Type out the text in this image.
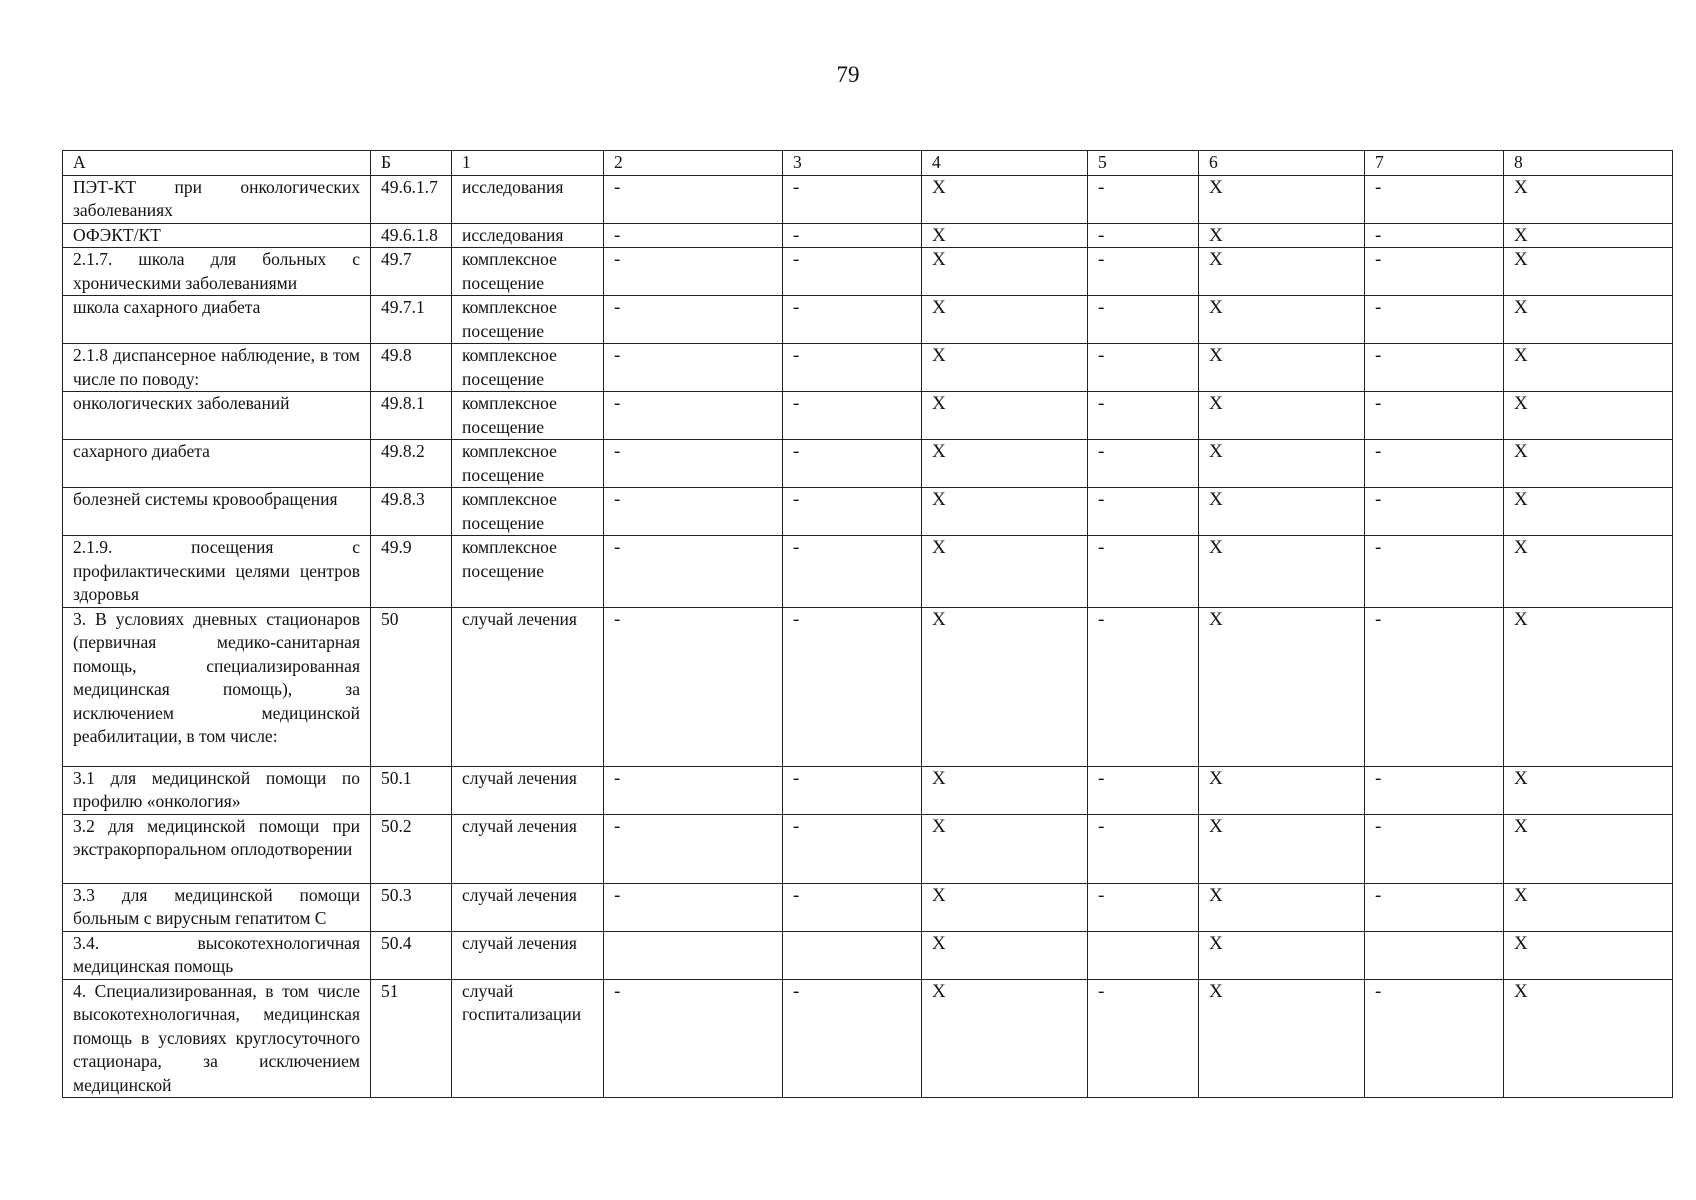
79
А	Б	1	2	3	4	5	6	7	8
ПЭТ-КТ при онкологических заболеваниях	49.6.1.7	исследования	-	-	X	-	X	-	X
ОФЭКТ/КТ	49.6.1.8	исследования	-	-	X	-	X	-	X
2.1.7. школа для больных с хроническими заболеваниями	49.7	комплексное посещение	-	-	X	-	X	-	X
школа сахарного диабета	49.7.1	комплексное посещение	-	-	X	-	X	-	X
2.1.8 диспансерное наблюдение, в том числе по поводу:	49.8	комплексное посещение	-	-	X	-	X	-	X
онкологических заболеваний	49.8.1	комплексное посещение	-	-	X	-	X	-	X
сахарного диабета	49.8.2	комплексное посещение	-	-	X	-	X	-	X
болезней системы кровообращения	49.8.3	комплексное посещение	-	-	X	-	X	-	X
2.1.9. посещения с профилактическими целями центров здоровья	49.9	комплексное посещение	-	-	X	-	X	-	X
3. В условиях дневных стационаров (первичная медико-санитарная помощь, специализированная медицинская помощь), за исключением медицинской реабилитации, в том числе:	50	случай лечения	-	-	X	-	X	-	X
3.1 для медицинской помощи по профилю «онкология»	50.1	случай лечения	-	-	X	-	X	-	X
3.2 для медицинской помощи при экстракорпоральном оплодотворении	50.2	случай лечения	-	-	X	-	X	-	X
3.3 для медицинской помощи больным с вирусным гепатитом С	50.3	случай лечения	-	-	X	-	X	-	X
3.4. высокотехнологичная медицинская помощь	50.4	случай лечения			X		X		X
4. Специализированная, в том числе высокотехнологичная, медицинская помощь в условиях круглосуточного стационара, за исключением медицинской	51	случай госпитализации	-	-	X	-	X	-	X
